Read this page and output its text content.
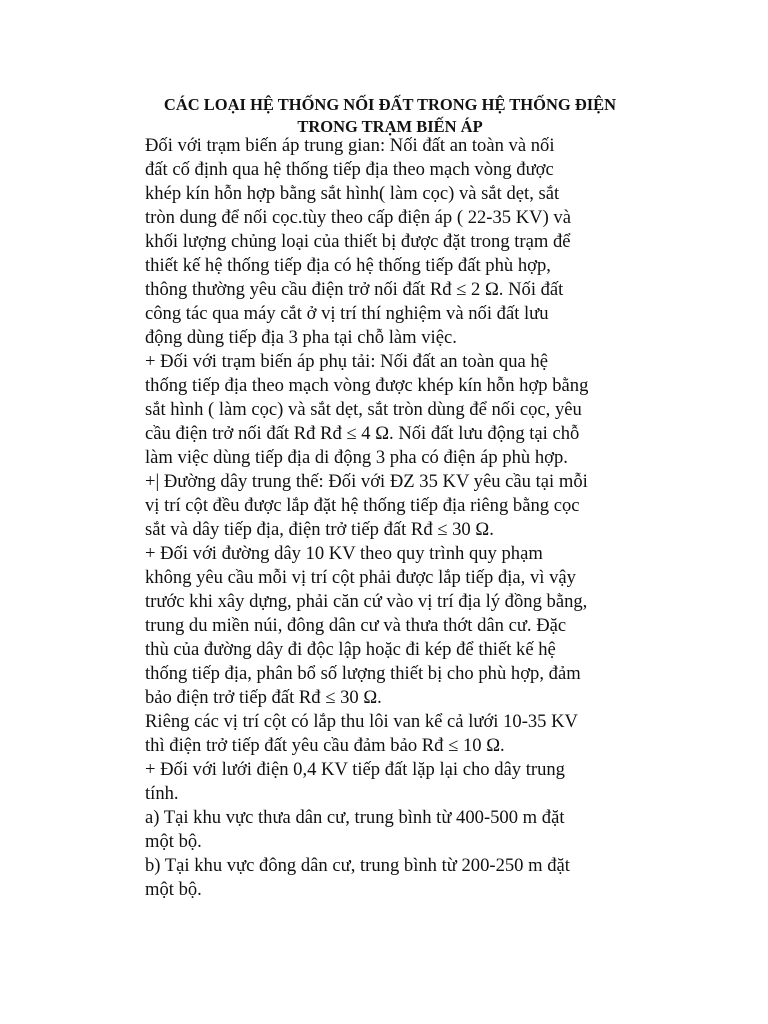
CÁC LOẠI HỆ THỐNG NỐI ĐẤT TRONG HỆ THỐNG ĐIỆN
TRONG TRẠM BIẾN ÁP
Đối với trạm biến áp trung gian: Nối đất an toàn và nối
đất cố định qua hệ thống tiếp địa theo mạch vòng được
khép kín hỗn hợp bằng sắt hình( làm cọc) và sắt dẹt, sắt
tròn dung để nối cọc.tùy theo cấp điện áp ( 22-35 KV) và
khối lượng chủng loại của thiết bị được đặt trong trạm để
thiết kế hệ thống tiếp địa có hệ thống tiếp đất phù hợp,
thông thường yêu cầu điện trở nối đất Rđ ≤ 2 Ω. Nối đất
công tác qua máy cắt ở vị trí thí nghiệm và nối đất lưu
động dùng tiếp địa 3 pha tại chỗ làm việc.
+ Đối với trạm biến áp phụ tải: Nối đất an toàn qua hệ
thống tiếp địa theo mạch vòng được khép kín hỗn hợp bằng
sắt hình ( làm cọc) và sắt dẹt, sắt tròn dùng để nối cọc, yêu
cầu điện trở nối đất Rđ Rđ ≤ 4 Ω. Nối đất lưu động tại chỗ
làm việc dùng tiếp địa di động 3 pha có điện áp phù hợp.
+| Đường dây trung thế: Đối với ĐZ 35 KV yêu cầu tại mỗi
vị trí cột đều được lắp đặt hệ thống tiếp địa riêng bằng cọc
sắt và dây tiếp địa, điện trở tiếp đất Rđ ≤ 30 Ω.
+ Đối với đường dây 10 KV theo quy trình quy phạm
không yêu cầu mỗi vị trí cột phải được lắp tiếp địa, vì vậy
trước khi xây dựng, phải căn cứ vào vị trí địa lý đồng bằng,
trung du miền núi, đông dân cư và thưa thớt dân cư. Đặc
thù của đường dây đi độc lập hoặc đi kép để thiết kế hệ
thống tiếp địa, phân bổ số lượng thiết bị cho phù hợp, đảm
bảo điện trở tiếp đất Rđ ≤ 30 Ω.
Riêng các vị trí cột có lắp thu lôi van kể cả lưới 10-35 KV
thì điện trở tiếp đất yêu cầu đảm bảo Rđ ≤ 10 Ω.
+ Đối với lưới điện 0,4 KV tiếp đất lặp lại cho dây trung
tính.
a) Tại khu vực thưa dân cư, trung bình từ 400-500 m đặt
một bộ.
b) Tại khu vực đông dân cư, trung bình từ 200-250 m đặt
một bộ.
